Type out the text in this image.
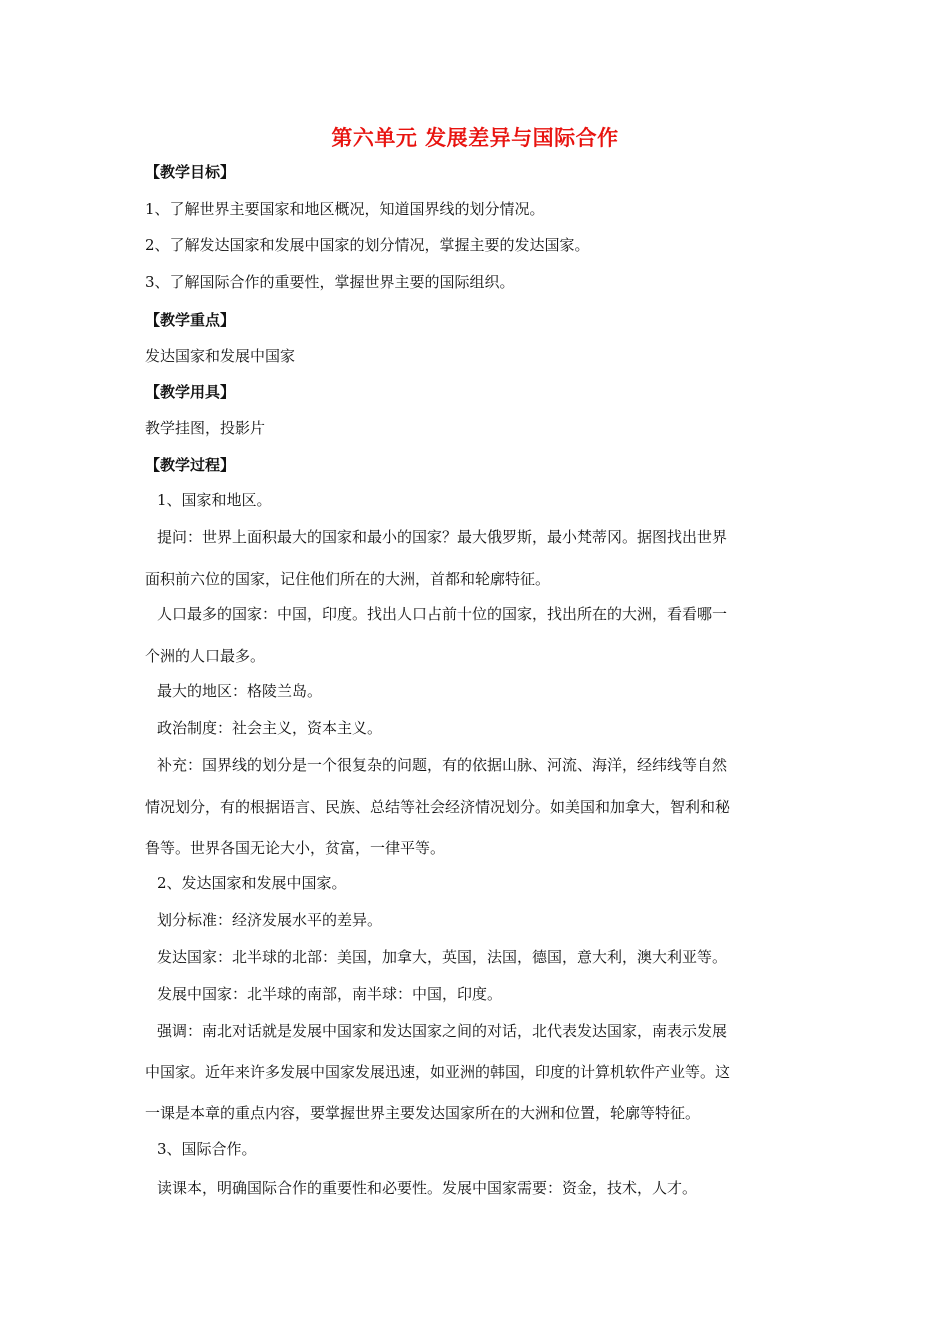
第六单元 发展差异与国际合作
【教学目标】
1、了解世界主要国家和地区概况，知道国界线的划分情况。
2、了解发达国家和发展中国家的划分情况，掌握主要的发达国家。
3、了解国际合作的重要性，掌握世界主要的国际组织。
【教学重点】
发达国家和发展中国家
【教学用具】
教学挂图，投影片
【教学过程】
1、国家和地区。
提问：世界上面积最大的国家和最小的国家？最大俄罗斯，最小梵蒂冈。据图找出世界
面积前六位的国家，记住他们所在的大洲，首都和轮廓特征。
人口最多的国家：中国，印度。找出人口占前十位的国家，找出所在的大洲，看看哪一
个洲的人口最多。
最大的地区：格陵兰岛。
政治制度：社会主义，资本主义。
补充：国界线的划分是一个很复杂的问题，有的依据山脉、河流、海洋，经纬线等自然
情况划分，有的根据语言、民族、总结等社会经济情况划分。如美国和加拿大，智利和秘
鲁等。世界各国无论大小，贫富，一律平等。
2、发达国家和发展中国家。
划分标准：经济发展水平的差异。
发达国家：北半球的北部：美国，加拿大，英国，法国，德国，意大利，澳大利亚等。
发展中国家：北半球的南部，南半球：中国，印度。
强调：南北对话就是发展中国家和发达国家之间的对话，北代表发达国家，南表示发展
中国家。近年来许多发展中国家发展迅速，如亚洲的韩国，印度的计算机软件产业等。这
一课是本章的重点内容，要掌握世界主要发达国家所在的大洲和位置，轮廓等特征。
3、国际合作。
读课本，明确国际合作的重要性和必要性。发展中国家需要：资金，技术，人才。
